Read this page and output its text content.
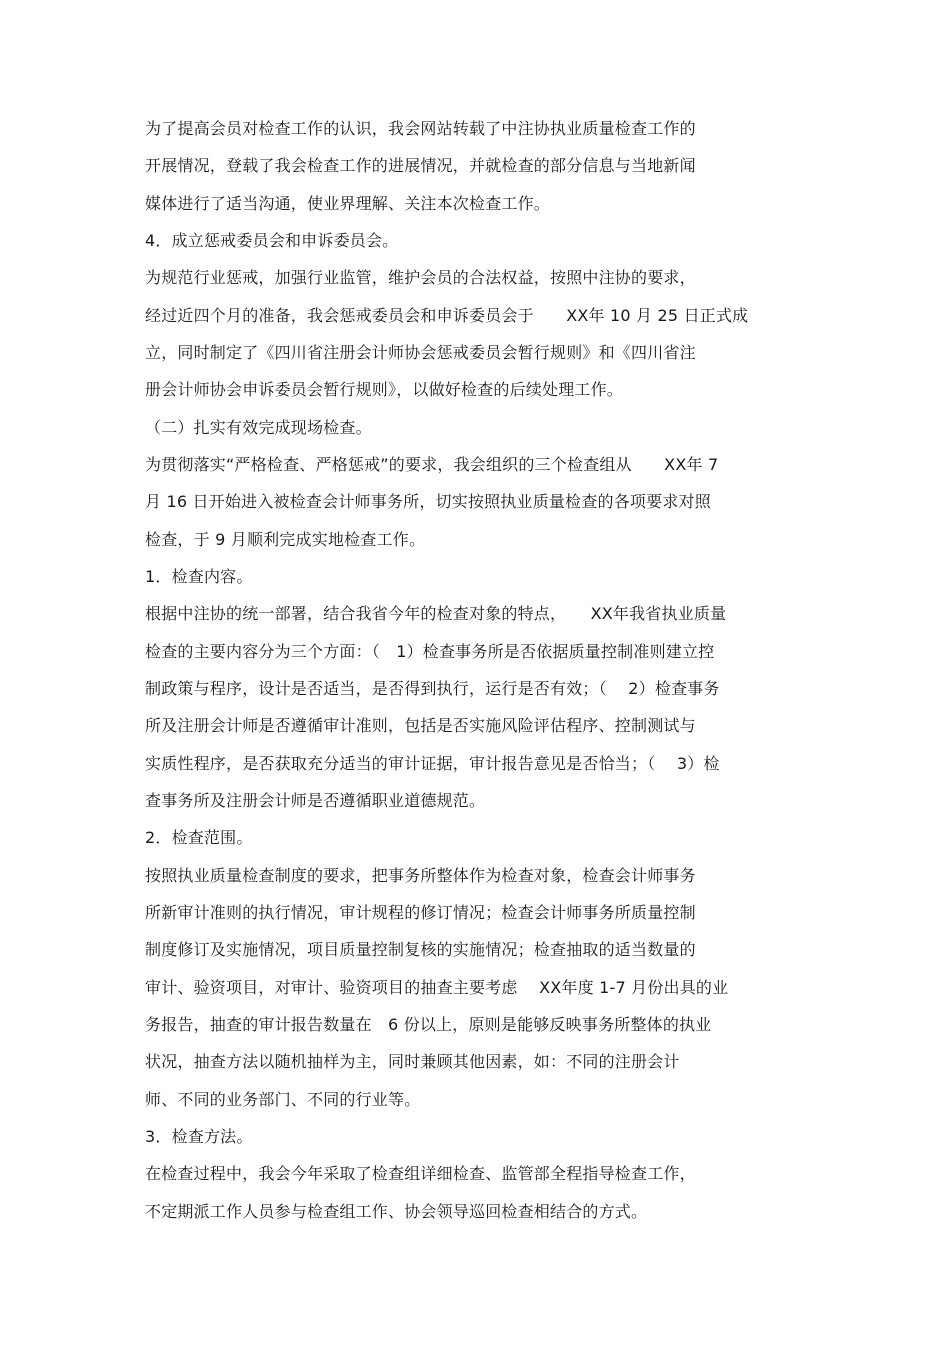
为了提高会员对检查工作的认识，我会网站转载了中注协执业质量检查工作的
开展情况，登载了我会检查工作的进展情况，并就检查的部分信息与当地新闻
媒体进行了适当沟通，使业界理解、关注本次检查工作。
4．成立惩戒委员会和申诉委员会。
为规范行业惩戒，加强行业监管，维护会员的合法权益，按照中注协的要求，
经过近四个月的准备，我会惩戒委员会和申诉委员会于　　XX年 10 月 25 日正式成
立，同时制定了《四川省注册会计师协会惩戒委员会暂行规则》和《四川省注
册会计师协会申诉委员会暂行规则》，以做好检查的后续处理工作。
（二）扎实有效完成现场检查。
为贯彻落实“严格检查、严格惩戒”的要求，我会组织的三个检查组从　　XX年 7
月 16 日开始进入被检查会计师事务所，切实按照执业质量检查的各项要求对照
检查，于 9 月顺利完成实地检查工作。
1．检查内容。
根据中注协的统一部署，结合我省今年的检查对象的特点，　　XX年我省执业质量
检查的主要内容分为三个方面：（　1）检查事务所是否依据质量控制准则建立控
制政策与程序，设计是否适当，是否得到执行，运行是否有效；（　 2）检查事务
所及注册会计师是否遵循审计准则，包括是否实施风险评估程序、控制测试与
实质性程序，是否获取充分适当的审计证据，审计报告意见是否恰当；（　 3）检
查事务所及注册会计师是否遵循职业道德规范。
2．检查范围。
按照执业质量检查制度的要求，把事务所整体作为检查对象，检查会计师事务
所新审计准则的执行情况，审计规程的修订情况；检查会计师事务所质量控制
制度修订及实施情况，项目质量控制复核的实施情况；检查抽取的适当数量的
审计、验资项目，对审计、验资项目的抽查主要考虑　 XX年度 1-7 月份出具的业
务报告，抽查的审计报告数量在　6 份以上，原则是能够反映事务所整体的执业
状况，抽查方法以随机抽样为主，同时兼顾其他因素，如：不同的注册会计
师、不同的业务部门、不同的行业等。
3．检查方法。
在检查过程中，我会今年采取了检查组详细检查、监管部全程指导检查工作，
不定期派工作人员参与检查组工作、协会领导巡回检查相结合的方式。
